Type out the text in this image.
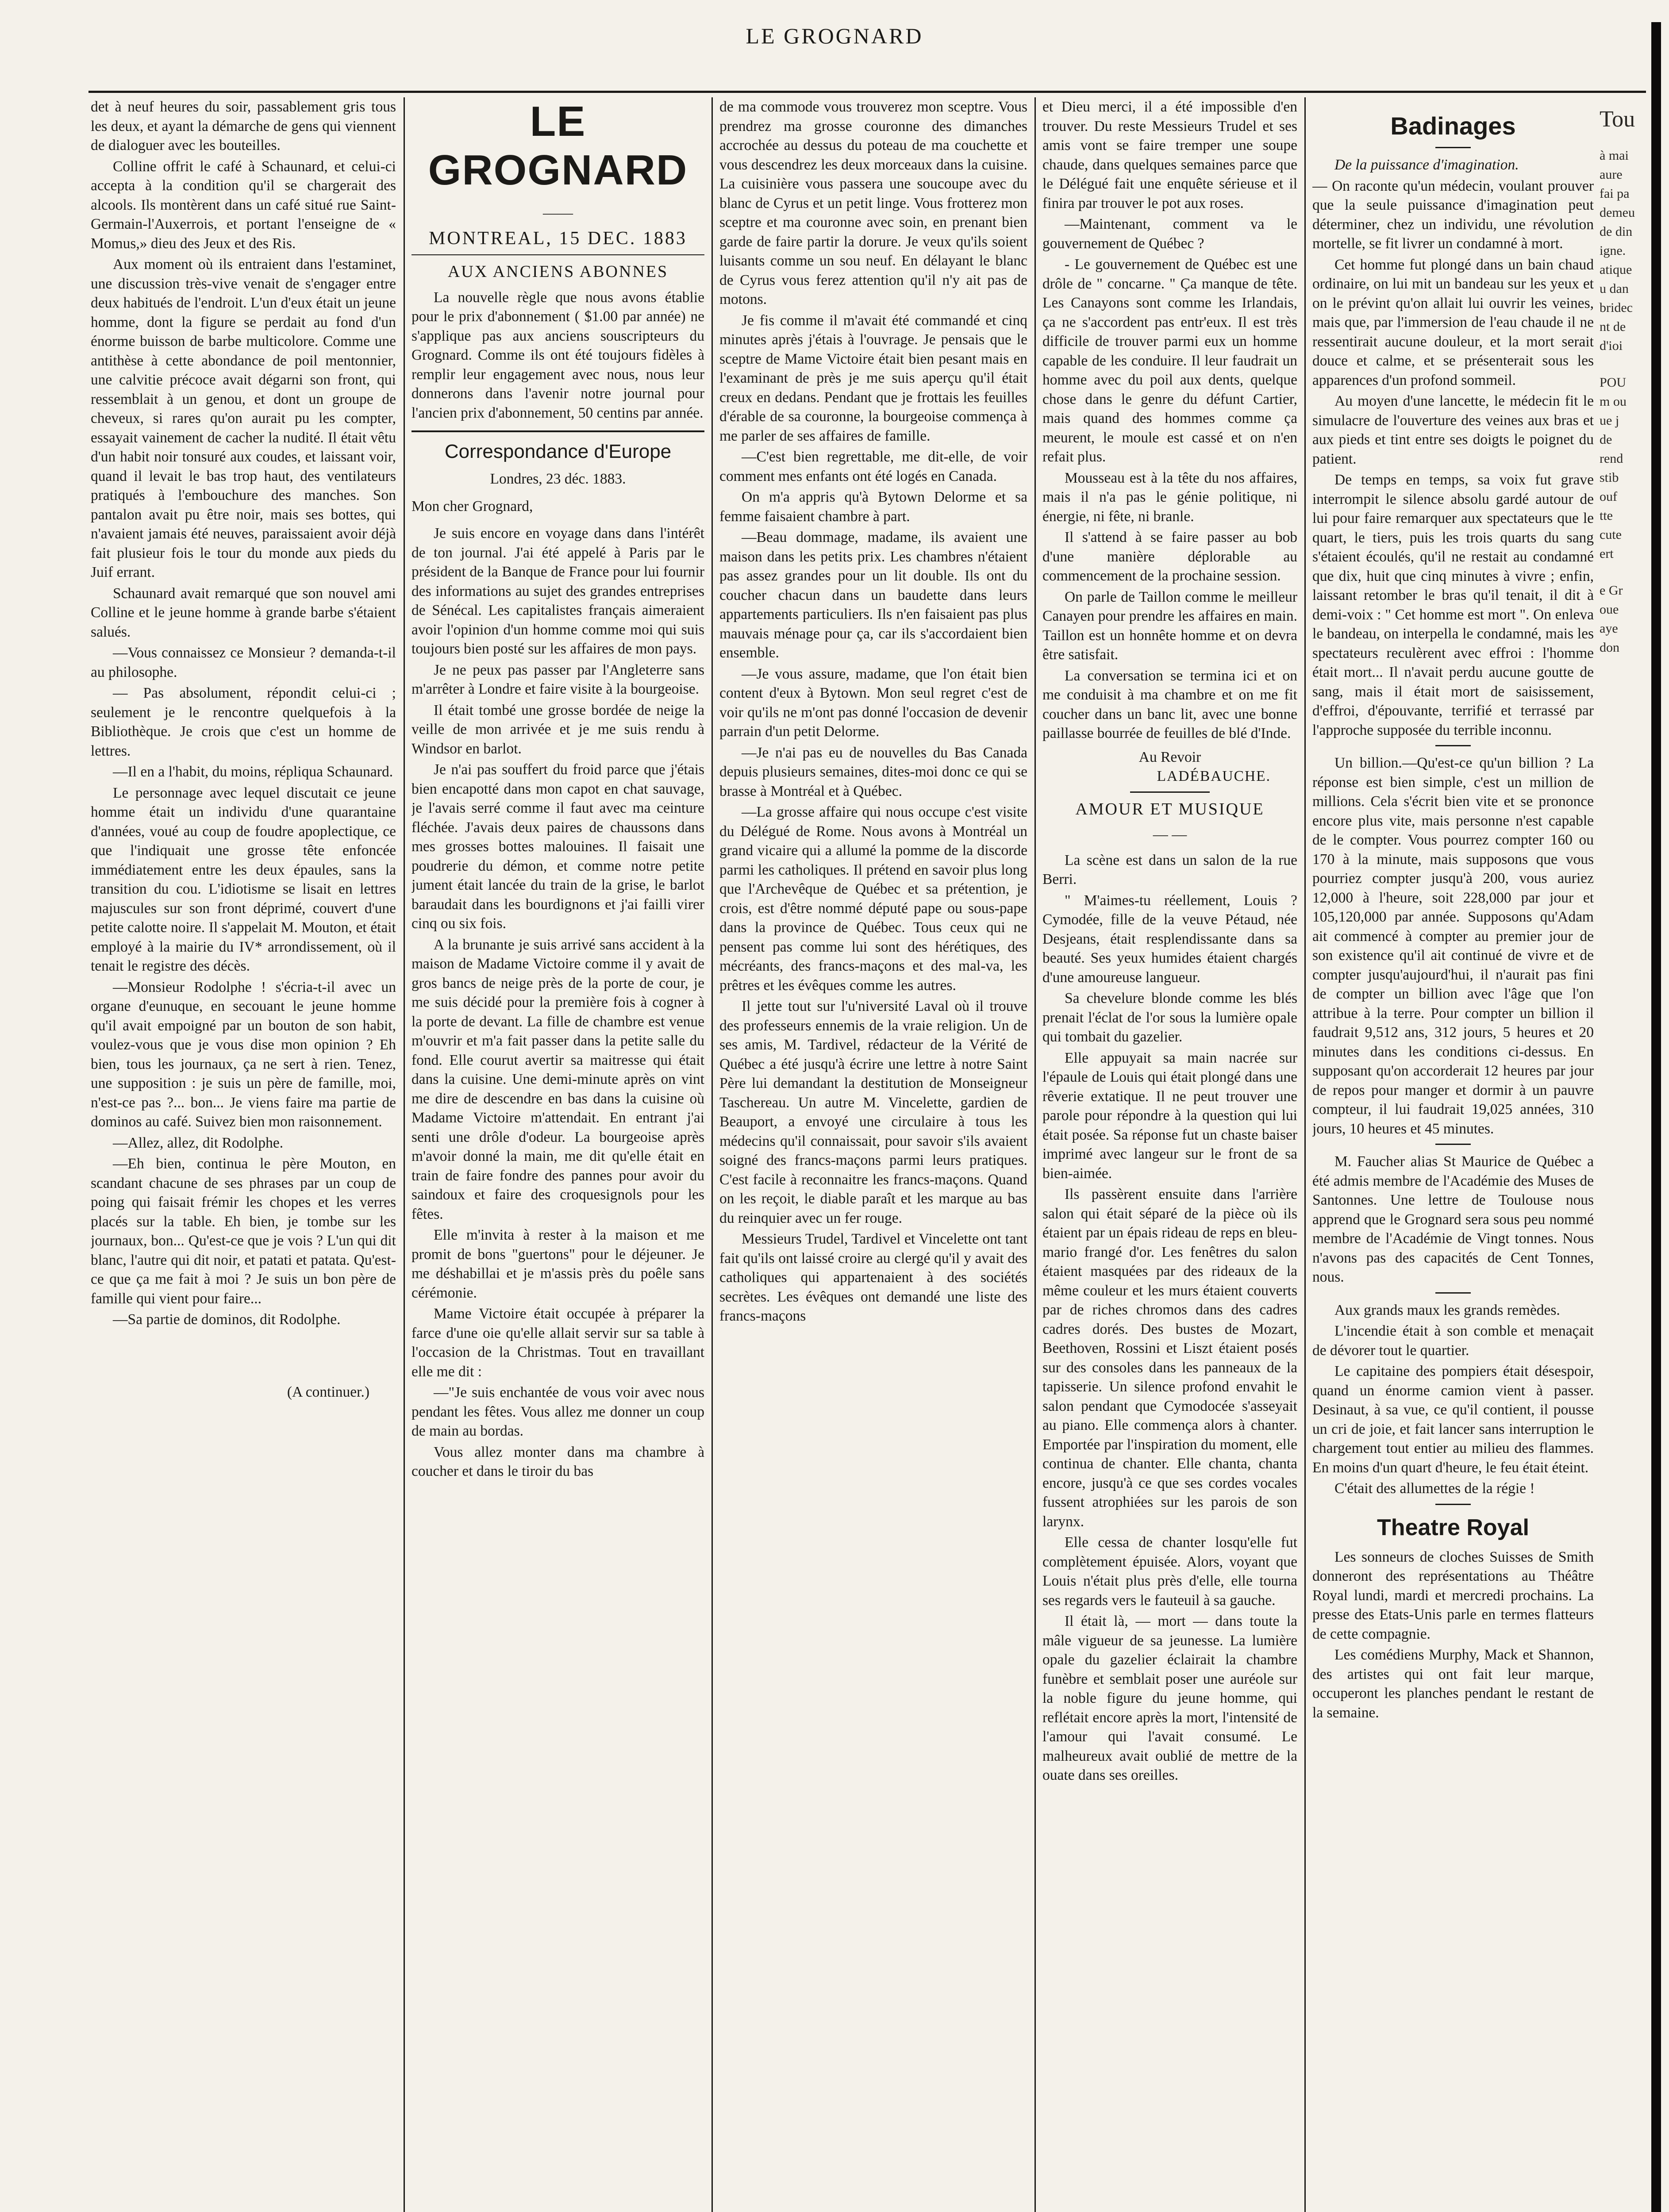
LE GROGNARD

det à neuf heures du soir, passablement gris tous les deux, et ayant la démarche de gens qui viennent de dialoguer avec les bouteilles.

Colline offrit le café à Schaunard, et celui-ci accepta à la condition qu'il se chargerait des alcools. Ils montèrent dans un café situé rue Saint-Germain-l'Auxerrois, et portant l'enseigne de « Momus,» dieu des Jeux et des Ris.

Aux moment où ils entraient dans l'estaminet, une discussion très-vive venait de s'engager entre deux habitués de l'endroit. L'un d'eux était un jeune homme, dont la figure se perdait au fond d'un énorme buisson de barbe multicolore. Comme une antithèse à cette abondance de poil mentonnier, une calvitie précoce avait dégarni son front, qui ressemblait à un genou, et dont un groupe de cheveux, si rares qu'on aurait pu les compter, essayait vainement de cacher la nudité. Il était vêtu d'un habit noir tonsuré aux coudes, et laissant voir, quand il levait le bas trop haut, des ventilateurs pratiqués à l'embouchure des manches. Son pantalon avait pu être noir, mais ses bottes, qui n'avaient jamais été neuves, paraissaient avoir déjà fait plusieur fois le tour du monde aux pieds du Juif errant.

Schaunard avait remarqué que son nouvel ami Colline et le jeune homme à grande barbe s'étaient salués.

—Vous connaissez ce Monsieur ? demanda-t-il au philosophe.

— Pas absolument, répondit celui-ci ; seulement je le rencontre quelquefois à la Bibliothèque. Je crois que c'est un homme de lettres.

—Il en a l'habit, du moins, répliqua Schaunard.

Le personnage avec lequel discutait ce jeune homme était un individu d'une quarantaine d'années, voué au coup de foudre apoplectique, ce que l'indiquait une grosse tête enfoncée immédiatement entre les deux épaules, sans la transition du cou. L'idiotisme se lisait en lettres majuscules sur son front déprimé, couvert d'une petite calotte noire. Il s'appelait M. Mouton, et était employé à la mairie du IV* arrondissement, où il tenait le registre des décès.

—Monsieur Rodolphe ! s'écria-t-il avec un organe d'eunuque, en secouant le jeune homme qu'il avait empoigné par un bouton de son habit, voulez-vous que je vous dise mon opinion ? Eh bien, tous les journaux, ça ne sert à rien. Tenez, une supposition : je suis un père de famille, moi, n'est-ce pas ?... bon... Je viens faire ma partie de dominos au café. Suivez bien mon raisonnement.

—Allez, allez, dit Rodolphe.

—Eh bien, continua le père Mouton, en scandant chacune de ses phrases par un coup de poing qui faisait frémir les chopes et les verres placés sur la table. Eh bien, je tombe sur les journaux, bon... Qu'est-ce que je vois ? L'un qui dit blanc, l'autre qui dit noir, et patati et patata. Qu'est-ce que ça me fait à moi ? Je suis un bon père de famille qui vient pour faire...

—Sa partie de dominos, dit Rodolphe.

(A continuer.)

LE GROGNARD
——
MONTREAL, 15 DEC. 1883
AUX ANCIENS ABONNES

La nouvelle règle que nous avons établie pour le prix d'abonnement ( $1.00 par année) ne s'applique pas aux anciens souscripteurs du Grognard. Comme ils ont été toujours fidèles à remplir leur engagement avec nous, nous leur donnerons dans l'avenir notre journal pour l'ancien prix d'abonnement, 50 centins par année.

Correspondance d'Europe
Londres, 23 déc. 1883.

Mon cher Grognard,

Je suis encore en voyage dans dans l'intérêt de ton journal. J'ai été appelé à Paris par le président de la Banque de France pour lui fournir des informations au sujet des grandes entreprises de Sénécal. Les capitalistes français aimeraient avoir l'opinion d'un homme comme moi qui suis toujours bien posté sur les affaires de mon pays.

Je ne peux pas passer par l'Angleterre sans m'arrêter à Londre et faire visite à la bourgeoise.

Il était tombé une grosse bordée de neige la veille de mon arrivée et je me suis rendu à Windsor en barlot.

Je n'ai pas souffert du froid parce que j'étais bien encapotté dans mon capot en chat sauvage, je l'avais serré comme il faut avec ma ceinture fléchée. J'avais deux paires de chaussons dans mes grosses bottes malouines. Il faisait une poudrerie du démon, et comme notre petite jument était lancée du train de la grise, le barlot baraudait dans les bourdignons et j'ai failli virer cinq ou six fois.

A la brunante je suis arrivé sans accident à la maison de Madame Victoire comme il y avait de gros bancs de neige près de la porte de cour, je me suis décidé pour la première fois à cogner à la porte de devant. La fille de chambre est venue m'ouvrir et m'a fait passer dans la petite salle du fond. Elle courut avertir sa maitresse qui était dans la cuisine. Une demi-minute après on vint me dire de descendre en bas dans la cuisine où Madame Victoire m'attendait. En entrant j'ai senti une drôle d'odeur. La bourgeoise après m'avoir donné la main, me dit qu'elle était en train de faire fondre des pannes pour avoir du saindoux et faire des croquesignols pour les fêtes.

Elle m'invita à rester à la maison et me promit de bons "guertons" pour le déjeuner. Je me déshabillai et je m'assis près du poêle sans cérémonie.

Mame Victoire était occupée à préparer la farce d'une oie qu'elle allait servir sur sa table à l'occasion de la Christmas. Tout en travaillant elle me dit :

—"Je suis enchantée de vous voir avec nous pendant les fêtes. Vous allez me donner un coup de main au bordas.

Vous allez monter dans ma chambre à coucher et dans le tiroir du bas

de ma commode vous trouverez mon sceptre. Vous prendrez ma grosse couronne des dimanches accrochée au dessus du poteau de ma couchette et vous descendrez les deux morceaux dans la cuisine. La cuisinière vous passera une soucoupe avec du blanc de Cyrus et un petit linge. Vous frotterez mon sceptre et ma couronne avec soin, en prenant bien garde de faire partir la dorure. Je veux qu'ils soient luisants comme un sou neuf. En délayant le blanc de Cyrus vous ferez attention qu'il n'y ait pas de motons.

Je fis comme il m'avait été commandé et cinq minutes après j'étais à l'ouvrage. Je pensais que le sceptre de Mame Victoire était bien pesant mais en l'examinant de près je me suis aperçu qu'il était creux en dedans. Pendant que je frottais les feuilles d'érable de sa couronne, la bourgeoise commença à me parler de ses affaires de famille.

—C'est bien regrettable, me dit-elle, de voir comment mes enfants ont été logés en Canada.

On m'a appris qu'à Bytown Delorme et sa femme faisaient chambre à part.

—Beau dommage, madame, ils avaient une maison dans les petits prix. Les chambres n'étaient pas assez grandes pour un lit double. Ils ont du coucher chacun dans un baudette dans leurs appartements particuliers. Ils n'en faisaient pas plus mauvais ménage pour ça, car ils s'accordaient bien ensemble.

—Je vous assure, madame, que l'on était bien content d'eux à Bytown. Mon seul regret c'est de voir qu'ils ne m'ont pas donné l'occasion de devenir parrain d'un petit Delorme.

—Je n'ai pas eu de nouvelles du Bas Canada depuis plusieurs semaines, dites-moi donc ce qui se brasse à Montréal et à Québec.

—La grosse affaire qui nous occupe c'est visite du Délégué de Rome. Nous avons à Montréal un grand vicaire qui a allumé la pomme de la discorde parmi les catholiques. Il prétend en savoir plus long que l'Archevêque de Québec et sa prétention, je crois, est d'être nommé député pape ou sous-pape dans la province de Québec. Tous ceux qui ne pensent pas comme lui sont des hérétiques, des mécréants, des francs-maçons et des mal-va, les prêtres et les évêques comme les autres.

Il jette tout sur l'u'niversité Laval où il trouve des professeurs ennemis de la vraie religion. Un de ses amis, M. Tardivel, rédacteur de la Vérité de Québec a été jusqu'à écrire une lettre à notre Saint Père lui demandant la destitution de Monseigneur Taschereau. Un autre M. Vincelette, gardien de Beauport, a envoyé une circulaire à tous les médecins qu'il connaissait, pour savoir s'ils avaient soigné des francs-maçons parmi leurs pratiques. C'est facile à reconnaitre les francs-maçons. Quand on les reçoit, le diable paraît et les marque au bas du reinquier avec un fer rouge.

Messieurs Trudel, Tardivel et Vincelette ont tant fait qu'ils ont laissé croire au clergé qu'il y avait des catholiques qui appartenaient à des sociétés secrètes. Les évêques ont demandé une liste des francs-maçons

et Dieu merci, il a été impossible d'en trouver. Du reste Messieurs Trudel et ses amis vont se faire tremper une soupe chaude, dans quelques semaines parce que le Délégué fait une enquête sérieuse et il finira par trouver le pot aux roses.

—Maintenant, comment va le gouvernement de Québec ?

- Le gouvernement de Québec est une drôle de " concarne. " Ça manque de tête. Les Canayons sont comme les Irlandais, ça ne s'accordent pas entr'eux. Il est très difficile de trouver parmi eux un homme capable de les conduire. Il leur faudrait un homme avec du poil aux dents, quelque chose dans le genre du défunt Cartier, mais quand des hommes comme ça meurent, le moule est cassé et on n'en refait plus.

Mousseau est à la tête du nos affaires, mais il n'a pas le génie politique, ni énergie, ni fête, ni branle.

Il s'attend à se faire passer au bob d'une manière déplorable au commencement de la prochaine session.

On parle de Taillon comme le meilleur Canayen pour prendre les affaires en main. Taillon est un honnête homme et on devra être satisfait.

La conversation se termina ici et on me conduisit à ma chambre et on me fit coucher dans un banc lit, avec une bonne paillasse bourrée de feuilles de blé d'Inde.

Au Revoir
LADÉBAUCHE.
AMOUR ET MUSIQUE
— —

La scène est dans un salon de la rue Berri.

" M'aimes-tu réellement, Louis ? Cymodée, fille de la veuve Pétaud, née Desjeans, était resplendissante dans sa beauté. Ses yeux humides étaient chargés d'une amoureuse langueur.

Sa chevelure blonde comme les blés prenait l'éclat de l'or sous la lumière opale qui tombait du gazelier.

Elle appuyait sa main nacrée sur l'épaule de Louis qui était plongé dans une rêverie extatique. Il ne peut trouver une parole pour répondre à la question qui lui était posée. Sa réponse fut un chaste baiser imprimé avec langeur sur le front de sa bien-aimée.

Ils passèrent ensuite dans l'arrière salon qui était séparé de la pièce où ils étaient par un épais rideau de reps en bleu-mario frangé d'or. Les fenêtres du salon étaient masquées par des rideaux de la même couleur et les murs étaient couverts par de riches chromos dans des cadres cadres dorés. Des bustes de Mozart, Beethoven, Rossini et Liszt étaient posés sur des consoles dans les panneaux de la tapisserie. Un silence profond envahit le salon pendant que Cymodocée s'asseyait au piano. Elle commença alors à chanter. Emportée par l'inspiration du moment, elle continua de chanter. Elle chanta, chanta encore, jusqu'à ce que ses cordes vocales fussent atrophiées sur les parois de son larynx.

Elle cessa de chanter losqu'elle fut complètement épuisée. Alors, voyant que Louis n'était plus près d'elle, elle tourna ses regards vers le fauteuil à sa gauche.

Il était là, — mort — dans toute la mâle vigueur de sa jeunesse. La lumière opale du gazelier éclairait la chambre funèbre et semblait poser une auréole sur la noble figure du jeune homme, qui reflétait encore après la mort, l'intensité de l'amour qui l'avait consumé. Le malheureux avait oublié de mettre de la ouate dans ses oreilles.

Badinages

De la puissance d'imagination.

— On raconte qu'un médecin, voulant prouver que la seule puissance d'imagination peut déterminer, chez un individu, une révolution mortelle, se fit livrer un condamné à mort.

Cet homme fut plongé dans un bain chaud ordinaire, on lui mit un bandeau sur les yeux et on le prévint qu'on allait lui ouvrir les veines, mais que, par l'immersion de l'eau chaude il ne ressentirait aucune douleur, et la mort serait douce et calme, et se présenterait sous les apparences d'un profond sommeil.

Au moyen d'une lancette, le médecin fit le simulacre de l'ouverture des veines aux bras et aux pieds et tint entre ses doigts le poignet du patient.

De temps en temps, sa voix fut grave interrompit le silence absolu gardé autour de lui pour faire remarquer aux spectateurs que le quart, le tiers, puis les trois quarts du sang s'étaient écoulés, qu'il ne restait au condamné que dix, huit que cinq minutes à vivre ; enfin, laissant retomber le bras qu'il tenait, il dit à demi-voix : " Cet homme est mort ". On enleva le bandeau, on interpella le condamné, mais les spectateurs reculèrent avec effroi : l'homme était mort... Il n'avait perdu aucune goutte de sang, mais il était mort de saisissement, d'effroi, d'épouvante, terrifié et terrassé par l'approche supposée du terrible inconnu.

Un billion.—Qu'est-ce qu'un billion ? La réponse est bien simple, c'est un million de millions. Cela s'écrit bien vite et se prononce encore plus vite, mais personne n'est capable de le compter. Vous pourrez compter 160 ou 170 à la minute, mais supposons que vous pourriez compter jusqu'à 200, vous auriez 12,000 à l'heure, soit 228,000 par jour et 105,120,000 par année. Supposons qu'Adam ait commencé à compter au premier jour de son existence qu'il ait continué de vivre et de compter jusqu'aujourd'hui, il n'aurait pas fini de compter un billion avec l'âge que l'on attribue à la terre. Pour compter un billion il faudrait 9,512 ans, 312 jours, 5 heures et 20 minutes dans les conditions ci-dessus. En supposant qu'on accorderait 12 heures par jour de repos pour manger et dormir à un pauvre compteur, il lui faudrait 19,025 années, 310 jours, 10 heures et 45 minutes.

M. Faucher alias St Maurice de Québec a été admis membre de l'Académie des Muses de Santonnes. Une lettre de Toulouse nous apprend que le Grognard sera sous peu nommé membre de l'Académie de Vingt tonnes. Nous n'avons pas des capacités de Cent Tonnes, nous.

Aux grands maux les grands remèdes.

L'incendie était à son comble et menaçait de dévorer tout le quartier.

Le capitaine des pompiers était désespoir, quand un énorme camion vient à passer. Desinaut, à sa vue, ce qu'il contient, il pousse un cri de joie, et fait lancer sans interruption le chargement tout entier au milieu des flammes. En moins d'un quart d'heure, le feu était éteint.

C'était des allumettes de la régie !

Theatre Royal

Les sonneurs de cloches Suisses de Smith donneront des représentations au Théâtre Royal lundi, mardi et mercredi prochains. La presse des Etats-Unis parle en termes flatteurs de cette compagnie.

Les comédiens Murphy, Mack et Shannon, des artistes qui ont fait leur marque, occuperont les planches pendant le restant de la semaine.

Tou
à mai
aure
fai pa
demeu
de din
igne.
atique
u dan
bridec
nt de
d'ioi
POU
m ou
ue j
de
rend
stib
ouf
tte
cute
ert
e Gr
oue
aye
don
